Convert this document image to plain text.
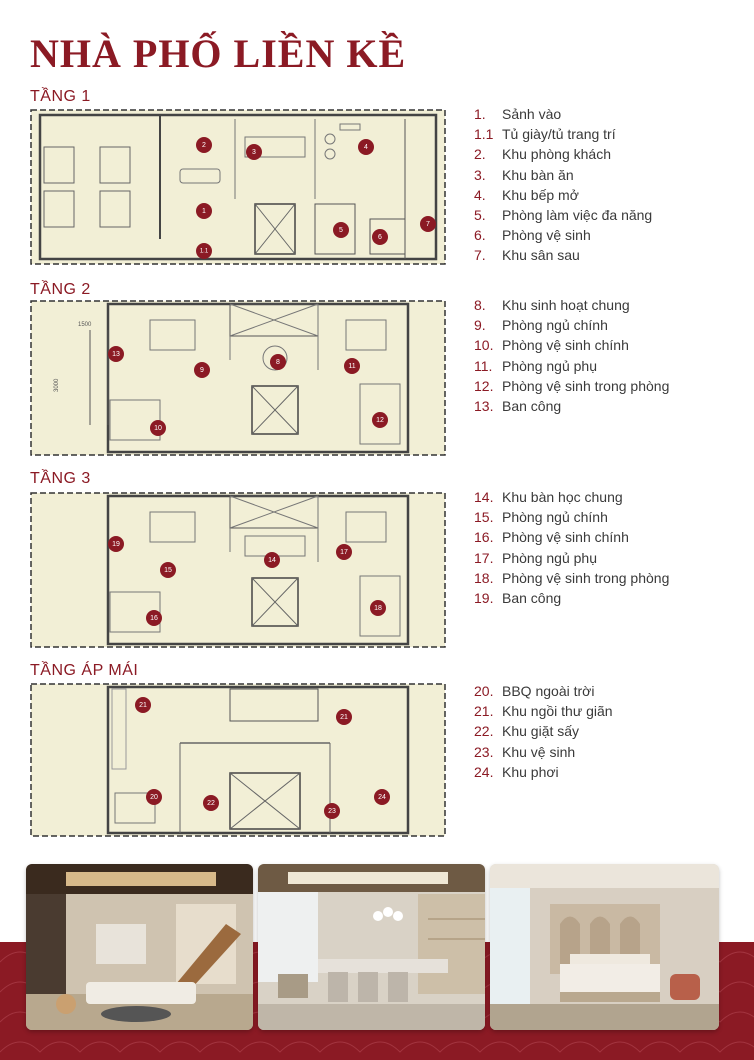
NHÀ PHỐ LIỀN KỀ
TẦNG 1
2
3
4
1
5
6
7
1.1
1. Sảnh vào
1.1 Tủ giày/tủ trang trí
2. Khu phòng khách
3. Khu bàn ăn
4. Khu bếp mở
5. Phòng làm việc đa năng
6. Phòng vệ sinh
7. Khu sân sau
TẦNG 2
1500
3000
13
9
8
11
10
12
8. Khu sinh hoạt chung
9. Phòng ngủ chính
10. Phòng vệ sinh chính
11. Phòng ngủ phụ
12. Phòng vệ sinh trong phòng
13. Ban công
TẦNG 3
19
15
14
17
16
18
14. Khu bàn học chung
15. Phòng ngủ chính
16. Phòng vệ sinh chính
17. Phòng ngủ phụ
18. Phòng vệ sinh trong phòng
19. Ban công
TẦNG ÁP MÁI
21
21
20
22
23
24
20. BBQ ngoài trời
21. Khu ngồi thư giãn
22. Khu giặt sấy
23. Khu vệ sinh
24. Khu phơi
